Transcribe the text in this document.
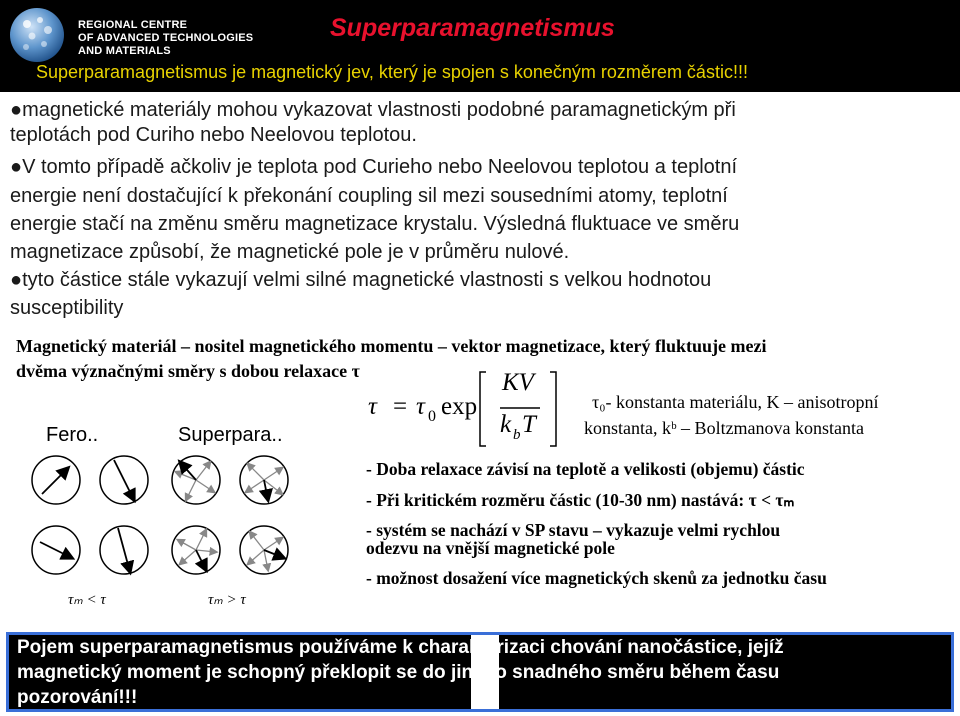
REGIONAL CENTRE
OF ADVANCED TECHNOLOGIES
AND MATERIALS
Superparamagnetismus
Superparamagnetismus je magnetický jev, který je spojen s konečným rozměrem částic!!!
●magnetické materiály mohou vykazovat vlastnosti podobné paramagnetickým při
teplotách pod Curiho nebo Neelovou teplotou.
●V tomto případě ačkoliv je teplota pod Curieho nebo Neelovou teplotou a teplotní
energie není dostačující k překonání coupling sil mezi sousedními atomy, teplotní
energie stačí na změnu směru magnetizace krystalu. Výsledná fluktuace ve směru
magnetizace způsobí, že magnetické pole je v průměru nulové.
●tyto částice stále vykazují velmi silné magnetické vlastnosti s velkou hodnotou
susceptibility
Magnetický materiál – nositel magnetického momentu – vektor magnetizace, který fluktuuje mezi
dvěma význačnými směry s dobou relaxace τ
τ = τ 0 exp
KV
k b T
τ₀- konstanta materiálu, K – anisotropní
konstanta, kᵇ – Boltzmanova konstanta
Fero..	Superpara..
τₘ < τ	τₘ > τ
- Doba relaxace závisí na teplotě a velikosti (objemu) částic
- Při kritickém rozměru částic (10-30 nm) nastává: τ < τₘ
- systém se nachází v SP stavu – vykazuje velmi rychlou
odezvu na vnější magnetické pole
- možnost dosažení více magnetických skenů za jednotku času
Pojem superparamagnetismus používáme k charakterizaci chování nanočástice, jejíž
magnetický moment je schopný překlopit se do jiného snadného směru během času
pozorování!!!
